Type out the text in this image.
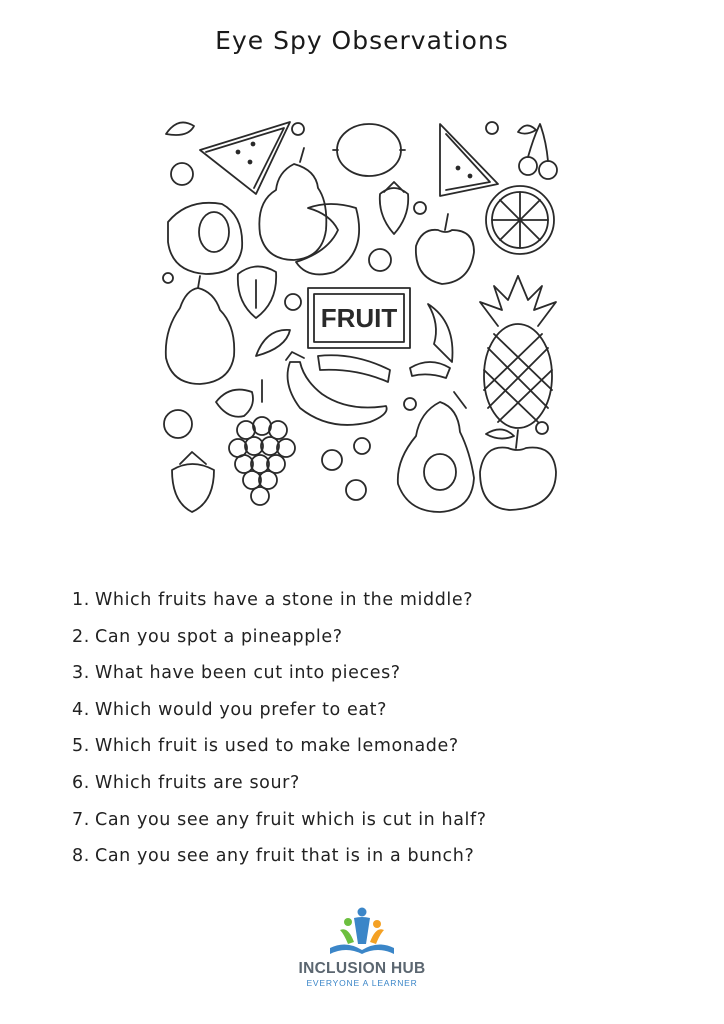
Eye Spy Observations
FRUIT
1. Which fruits have a stone in the middle?
2. Can you spot a pineapple?
3. What have been cut into pieces?
4. Which would you prefer to eat?
5. Which fruit is used to make lemonade?
6. Which fruits are sour?
7. Can you see any fruit which is cut in half?
8. Can you see any fruit that is in a bunch?
INCLUSION HUB
EVERYONE A LEARNER
